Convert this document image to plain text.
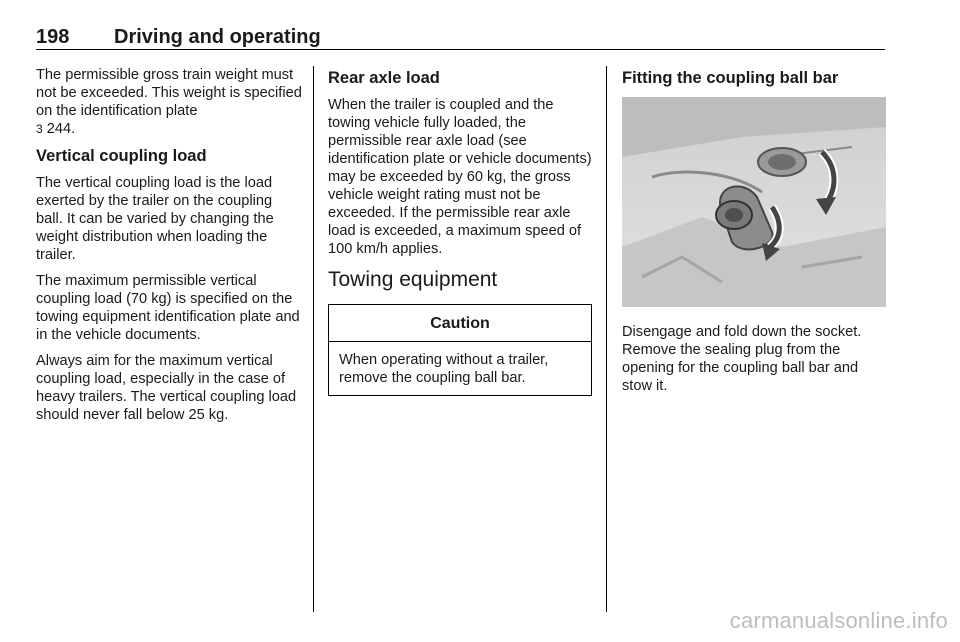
198 Driving and operating

The permissible gross train weight must not be exceeded. This weight is specified on the identification plate
3 244.

Vertical coupling load

The vertical coupling load is the load exerted by the trailer on the coupling ball. It can be varied by changing the weight distribution when loading the trailer.

The maximum permissible vertical coupling load (70 kg) is specified on the towing equipment identification plate and in the vehicle documents.

Always aim for the maximum vertical coupling load, especially in the case of heavy trailers. The vertical coupling load should never fall below 25 kg.

Rear axle load

When the trailer is coupled and the towing vehicle fully loaded, the permissible rear axle load (see identification plate or vehicle documents) may be exceeded by 60 kg, the gross vehicle weight rating must not be exceeded. If the permissible rear axle load is exceeded, a maximum speed of 100 km/h applies.

Towing equipment
Caution

When operating without a trailer, remove the coupling ball bar.

Fitting the coupling ball bar

Disengage and fold down the socket. Remove the sealing plug from the opening for the coupling ball bar and stow it.

carmanualsonline.info
